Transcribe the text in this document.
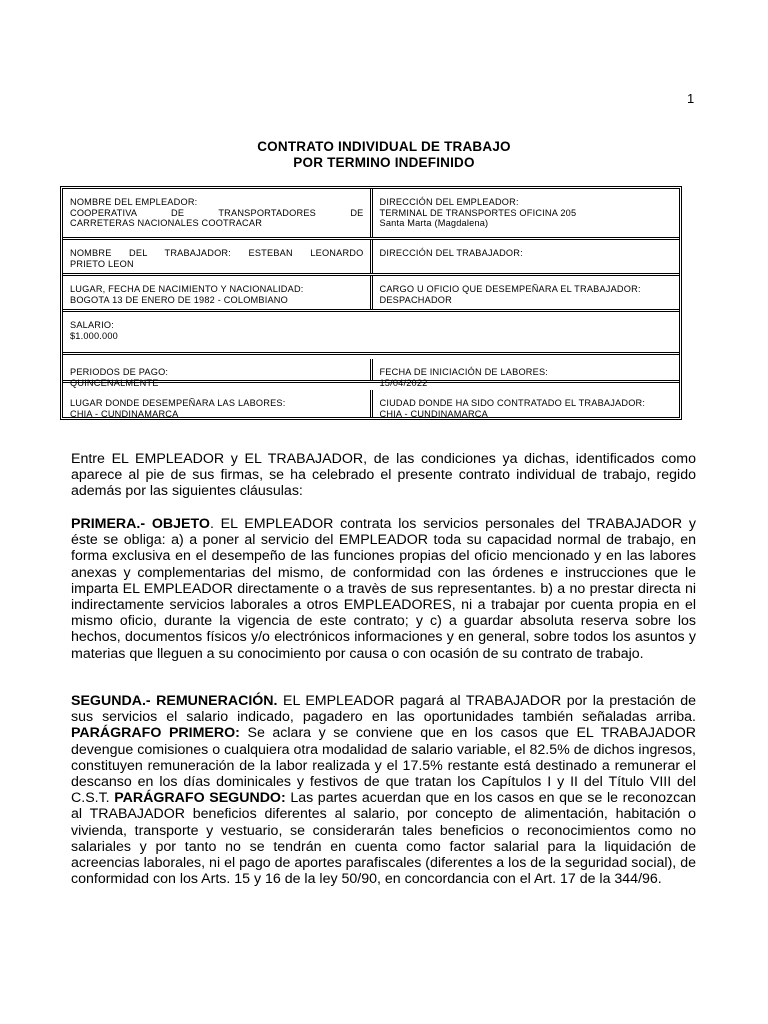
1
CONTRATO INDIVIDUAL DE TRABAJO
POR TERMINO INDEFINIDO
NOMBRE DEL EMPLEADOR:
COOPERATIVA DE TRANSPORTADORES DE
CARRETERAS NACIONALES COOTRACAR
DIRECCIÓN DEL EMPLEADOR:
TERMINAL DE TRANSPORTES OFICINA 205
Santa Marta (Magdalena)
NOMBRE DEL TRABAJADOR: ESTEBAN LEONARDO
PRIETO LEON
DIRECCIÓN DEL TRABAJADOR:
LUGAR, FECHA DE NACIMIENTO Y NACIONALIDAD:
BOGOTA 13 DE ENERO DE 1982 - COLOMBIANO
CARGO U OFICIO QUE DESEMPEÑARA EL TRABAJADOR:
DESPACHADOR
SALARIO:
$1.000.000
PERIODOS DE PAGO:
QUINCENALMENTE
FECHA DE INICIACIÓN DE LABORES:
15/04/2022
LUGAR DONDE DESEMPEÑARA LAS LABORES:
CHIA - CUNDINAMARCA
CIUDAD DONDE HA SIDO CONTRATADO EL TRABAJADOR:
CHIA - CUNDINAMARCA

Entre EL EMPLEADOR y EL TRABAJADOR, de las condiciones ya dichas, identificados como aparece al pie de sus firmas, se ha celebrado el presente contrato individual de trabajo, regido además por las siguientes cláusulas:

PRIMERA.- OBJETO. EL EMPLEADOR contrata los servicios personales del TRABAJADOR y éste se obliga: a) a poner al servicio del EMPLEADOR toda su capacidad normal de trabajo, en forma exclusiva en el desempeño de las funciones propias del oficio mencionado y en las labores anexas y complementarias del mismo, de conformidad con las órdenes e instrucciones que le imparta EL EMPLEADOR directamente o a travès de sus representantes. b) a no prestar directa ni indirectamente servicios laborales a otros EMPLEADORES, ni a trabajar por cuenta propia en el mismo oficio, durante la vigencia de este contrato; y c) a guardar absoluta reserva sobre los hechos, documentos físicos y/o electrónicos informaciones y en general, sobre todos los asuntos y materias que lleguen a su conocimiento por causa o con ocasión de su contrato de trabajo.

SEGUNDA.- REMUNERACIÓN. EL EMPLEADOR pagará al TRABAJADOR por la prestación de sus servicios el salario indicado, pagadero en las oportunidades también señaladas arriba. PARÁGRAFO PRIMERO: Se aclara y se conviene que en los casos que EL TRABAJADOR devengue comisiones o cualquiera otra modalidad de salario variable, el 82.5% de dichos ingresos, constituyen remuneración de la labor realizada y el 17.5% restante está destinado a remunerar el descanso en los días dominicales y festivos de que tratan los Capítulos I y II del Título VIII del C.S.T. PARÁGRAFO SEGUNDO: Las partes acuerdan que en los casos en que se le reconozcan al TRABAJADOR beneficios diferentes al salario, por concepto de alimentación, habitación o vivienda, transporte y vestuario, se considerarán tales beneficios o reconocimientos como no salariales y por tanto no se tendrán en cuenta como factor salarial para la liquidación de acreencias laborales, ni el pago de aportes parafiscales (diferentes a los de la seguridad social), de conformidad con los Arts. 15 y 16 de la ley 50/90, en concordancia con el Art. 17 de la 344/96.
